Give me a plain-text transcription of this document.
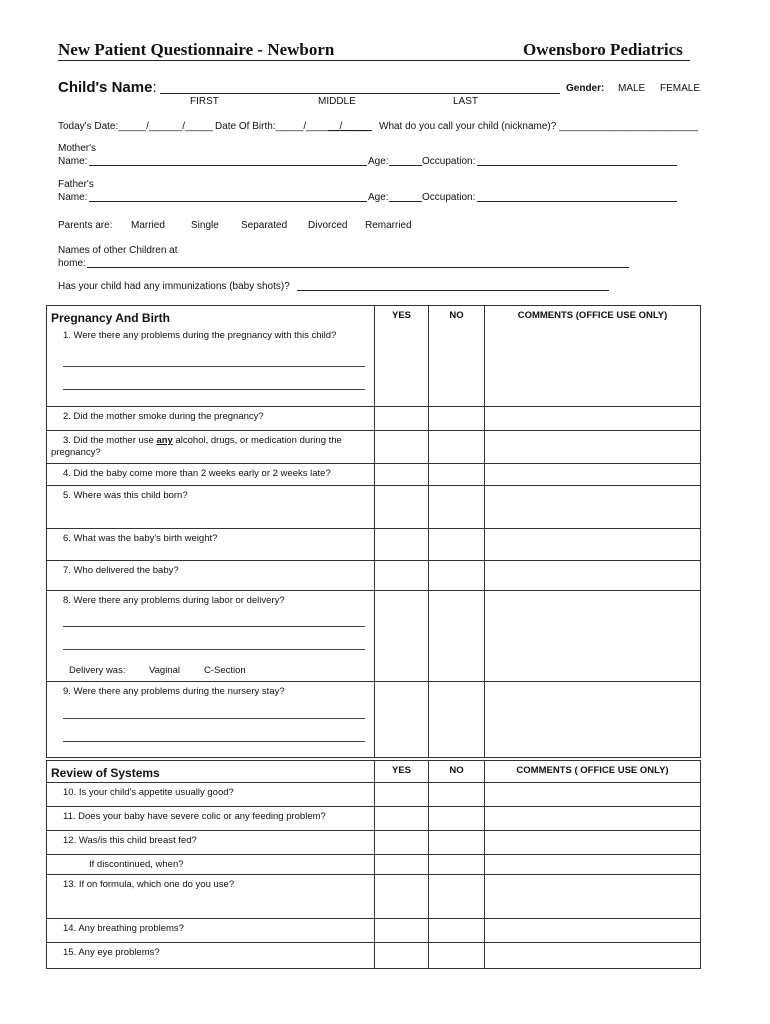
New Patient Questionnaire - Newborn	Owensboro Pediatrics
Child's Name:	Gender: MALE FEMALE
FIRST	MIDDLE	LAST
Today's Date:_____/______/_____ Date Of Birth:_____/______/_____ What do you call your child (nickname)? _________________________
Mother's
Name:	Age:	Occupation:
Father's
Name:	Age:	Occupation:
Parents are: Married	Single Separated Divorced Remarried
Names of other Children at
home:
Has your child had any immunizations (baby shots)?
Pregnancy And Birth	YES	NO	COMMENTS (OFFICE USE ONLY)

1. Were there any problems during the pregnancy with this child?			

2. Did the mother smoke during the pregnancy?			

3. Did the mother use any alcohol, drugs, or medication during the
pregnancy?			

4. Did the baby come more than 2 weeks early or 2 weeks late?			

5. Where was this child born?			

6. What was the baby's birth weight?			

7. Who delivered the baby?			

8. Were there any problems during labor or delivery?
Delivery was: Vaginal C-Section			

9. Were there any problems during the nursery stay?			

Review of Systems	YES	NO	COMMENTS ( OFFICE USE ONLY)

10. Is your child's appetite usually good?			

11. Does your baby have severe colic or any feeding problem?			

12. Was/is this child breast fed?			

If discontinued, when?			

13. If on formula, which one do you use?			

14. Any breathing problems?			

15. Any eye problems?			
